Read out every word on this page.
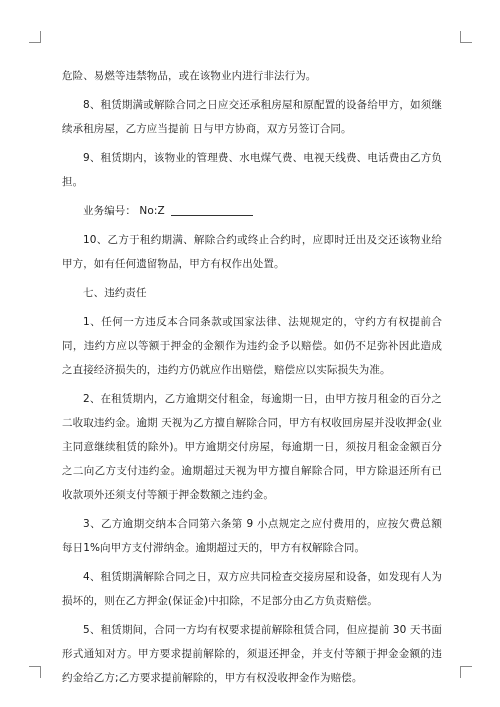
危险、易燃等违禁物品，或在该物业内进行非法行为。

8、租赁期满或解除合同之日应交还承租房屋和原配置的设备给甲方，如须继续承租房屋，乙方应当提前 日与甲方协商，双方另签订合同。

9、租赁期内，该物业的管理费、水电煤气费、电视天线费、电话费由乙方负担。

业务编号： No:Z

10、乙方于租约期满、解除合约或终止合约时，应即时迁出及交还该物业给甲方，如有任何遗留物品，甲方有权作出处置。

七、违约责任

1、任何一方违反本合同条款或国家法律、法规规定的，守约方有权提前合同，违约方应以等额于押金的金额作为违约金予以赔偿。如仍不足弥补因此造成之直接经济损失的，违约方仍就应作出赔偿，赔偿应以实际损失为准。

2、在租赁期内，乙方逾期交付租金，每逾期一日，由甲方按月租金的百分之二收取违约金。逾期 天视为乙方擅自解除合同，甲方有权收回房屋并没收押金(业主同意继续租赁的除外)。甲方逾期交付房屋，每逾期一日，须按月租金金额百分之二向乙方支付违约金。逾期超过天视为甲方擅自解除合同，甲方除退还所有已收款项外还须支付等额于押金数额之违约金。

3、乙方逾期交纳本合同第六条第 9 小点规定之应付费用的，应按欠费总额每日1%向甲方支付滞纳金。逾期超过天的，甲方有权解除合同。

4、租赁期满解除合同之日，双方应共同检查交接房屋和设备，如发现有人为损坏的，则在乙方押金(保证金)中扣除，不足部分由乙方负责赔偿。

5、租赁期间，合同一方均有权要求提前解除租赁合同，但应提前 30 天书面形式通知对方。甲方要求提前解除的，须退还押金，并支付等额于押金金额的违约金给乙方;乙方要求提前解除的，甲方有权没收押金作为赔偿。
